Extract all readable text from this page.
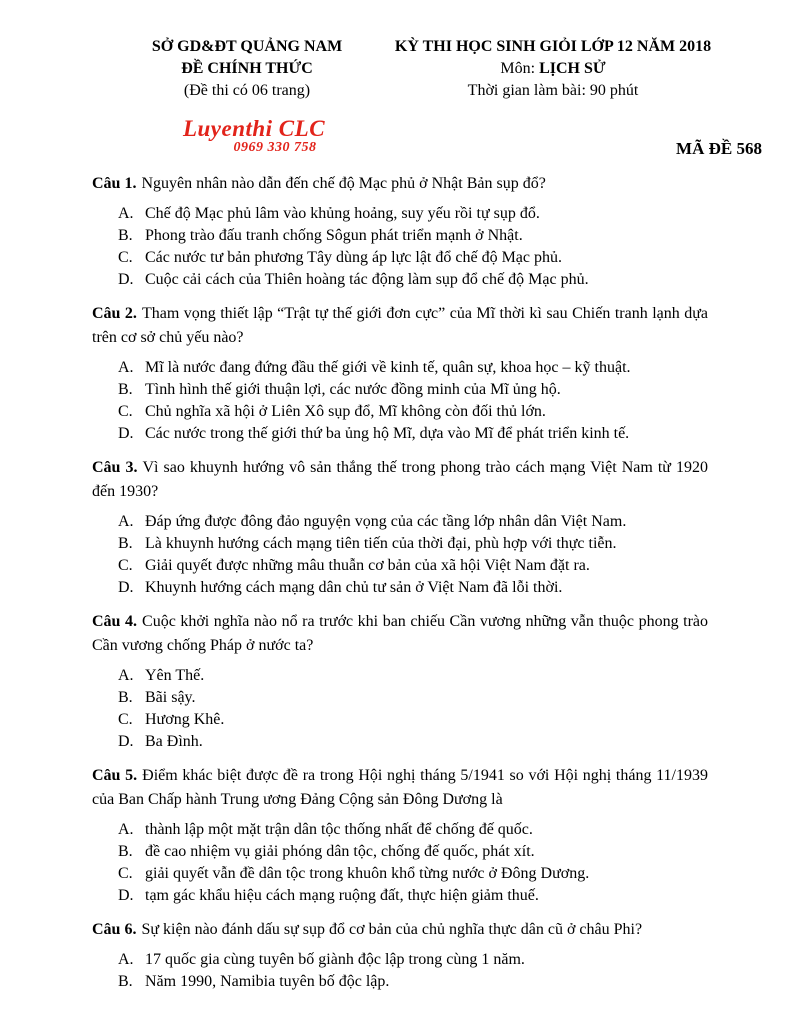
SỞ GD&ĐT QUẢNG NAM
ĐỀ CHÍNH THỨC
(Đề thi có 06 trang)
KỲ THI HỌC SINH GIỎI LỚP 12 NĂM 2018
Môn: LỊCH SỬ
Thời gian làm bài: 90 phút
Luyenthi CLC
0969 330 758	MÃ ĐỀ 568

Câu 1. Nguyên nhân nào dẫn đến chế độ Mạc phủ ở Nhật Bản sụp đổ?

A. Chế độ Mạc phủ lâm vào khủng hoảng, suy yếu rồi tự sụp đổ.
B. Phong trào đấu tranh chống Sôgun phát triển mạnh ở Nhật.
C. Các nước tư bản phương Tây dùng áp lực lật đổ chế độ Mạc phủ.
D. Cuộc cải cách của Thiên hoàng tác động làm sụp đổ chế độ Mạc phủ.

Câu 2. Tham vọng thiết lập “Trật tự thế giới đơn cực” của Mĩ thời kì sau Chiến tranh lạnh dựa trên cơ sở chủ yếu nào?

A. Mĩ là nước đang đứng đầu thế giới về kinh tế, quân sự, khoa học – kỹ thuật.
B. Tình hình thế giới thuận lợi, các nước đồng minh của Mĩ ủng hộ.
C. Chủ nghĩa xã hội ở Liên Xô sụp đổ, Mĩ không còn đối thủ lớn.
D. Các nước trong thế giới thứ ba ủng hộ Mĩ, dựa vào Mĩ để phát triển kinh tế.

Câu 3. Vì sao khuynh hướng vô sản thắng thế trong phong trào cách mạng Việt Nam từ 1920 đến 1930?

A. Đáp ứng được đông đảo nguyện vọng của các tầng lớp nhân dân Việt Nam.
B. Là khuynh hướng cách mạng tiên tiến của thời đại, phù hợp với thực tiễn.
C. Giải quyết được những mâu thuẫn cơ bản của xã hội Việt Nam đặt ra.
D. Khuynh hướng cách mạng dân chủ tư sản ở Việt Nam đã lỗi thời.

Câu 4. Cuộc khởi nghĩa nào nổ ra trước khi ban chiếu Cần vương những vẫn thuộc phong trào Cần vương chống Pháp ở nước ta?

A. Yên Thế.
B. Bãi sậy.
C. Hương Khê.
D. Ba Đình.

Câu 5. Điểm khác biệt được đề ra trong Hội nghị tháng 5/1941 so với Hội nghị tháng 11/1939 của Ban Chấp hành Trung ương Đảng Cộng sản Đông Dương là

A. thành lập một mặt trận dân tộc thống nhất để chống đế quốc.
B. đề cao nhiệm vụ giải phóng dân tộc, chống đế quốc, phát xít.
C. giải quyết vẫn đề dân tộc trong khuôn khổ từng nước ở Đông Dương.
D. tạm gác khẩu hiệu cách mạng ruộng đất, thực hiện giảm thuế.

Câu 6. Sự kiện nào đánh dấu sự sụp đổ cơ bản của chủ nghĩa thực dân cũ ở châu Phi?

A. 17 quốc gia cùng tuyên bố giành độc lập trong cùng 1 năm.
B. Năm 1990, Namibia tuyên bố độc lập.
